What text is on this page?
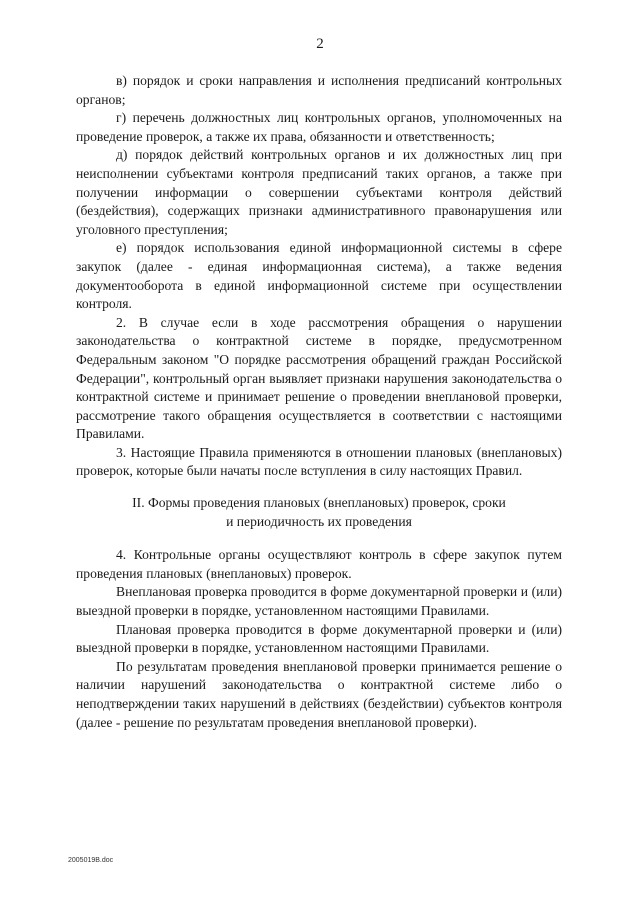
2

в) порядок и сроки направления и исполнения предписаний контрольных органов;

г) перечень должностных лиц контрольных органов, уполномоченных на проведение проверок, а также их права, обязанности и ответственность;

д) порядок действий контрольных органов и их должностных лиц при неисполнении субъектами контроля предписаний таких органов, а также при получении информации о совершении субъектами контроля действий (бездействия), содержащих признаки административного правонарушения или уголовного преступления;

е) порядок использования единой информационной системы в сфере закупок (далее - единая информационная система), а также ведения документооборота в единой информационной системе при осуществлении контроля.

2. В случае если в ходе рассмотрения обращения о нарушении законодательства о контрактной системе в порядке, предусмотренном Федеральным законом "О порядке рассмотрения обращений граждан Российской Федерации", контрольный орган выявляет признаки нарушения законодательства о контрактной системе и принимает решение о проведении внеплановой проверки, рассмотрение такого обращения осуществляется в соответствии с настоящими Правилами.

3. Настоящие Правила применяются в отношении плановых (внеплановых) проверок, которые были начаты после вступления в силу настоящих Правил.

II. Формы проведения плановых (внеплановых) проверок, сроки
и периодичность их проведения

4. Контрольные органы осуществляют контроль в сфере закупок путем проведения плановых (внеплановых) проверок.

Внеплановая проверка проводится в форме документарной проверки и (или) выездной проверки в порядке, установленном настоящими Правилами.

Плановая проверка проводится в форме документарной проверки и (или) выездной проверки в порядке, установленном настоящими Правилами.

По результатам проведения внеплановой проверки принимается решение о наличии нарушений законодательства о контрактной системе либо о неподтверждении таких нарушений в действиях (бездействии) субъектов контроля (далее - решение по результатам проведения внеплановой проверки).

2005019B.doc
